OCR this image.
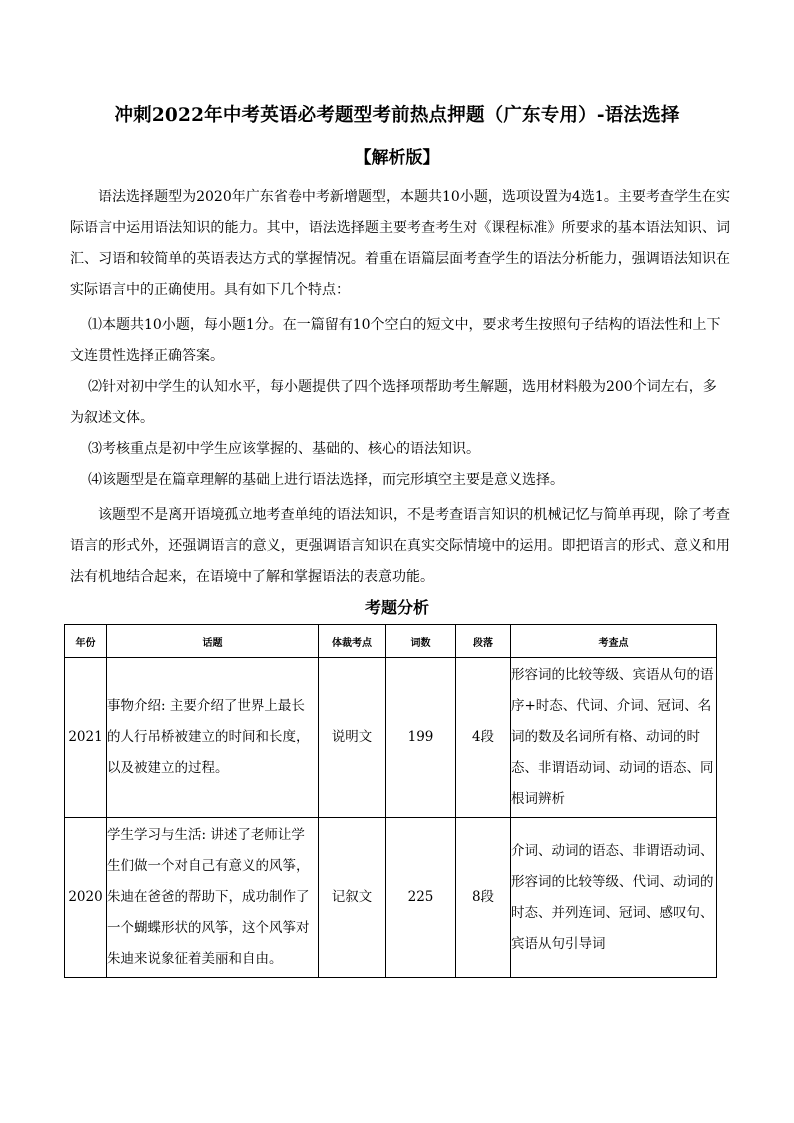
冲刺2022年中考英语必考题型考前热点押题（广东专用）-语法选择
【解析版】
语法选择题型为2020年广东省卷中考新增题型，本题共10小题，选项设置为4选1。主要考查学生在实际语言中运用语法知识的能力。其中，语法选择题主要考查考生对《课程标准》所要求的基本语法知识、词汇、习语和较简单的英语表达方式的掌握情况。着重在语篇层面考查学生的语法分析能力，强调语法知识在实际语言中的正确使用。具有如下几个特点：
⑴本题共10小题，每小题1分。在一篇留有10个空白的短文中，要求考生按照句子结构的语法性和上下文连贯性选择正确答案。
⑵针对初中学生的认知水平，每小题提供了四个选择项帮助考生解题，选用材料般为200个词左右，多为叙述文体。
⑶考核重点是初中学生应该掌握的、基础的、核心的语法知识。
⑷该题型是在篇章理解的基础上进行语法选择，而完形填空主要是意义选择。
该题型不是离开语境孤立地考查单纯的语法知识，不是考查语言知识的机械记忆与简单再现，除了考查语言的形式外，还强调语言的意义，更强调语言知识在真实交际情境中的运用。即把语言的形式、意义和用法有机地结合起来，在语境中了解和掌握语法的表意功能。
考题分析
年份	话题	体裁考点	词数	段落	考查点
2021	事物介绍: 主要介绍了世界上最长的人行吊桥被建立的时间和长度，以及被建立的过程。	说明文	199	4段	形容词的比较等级、宾语从句的语序+时态、代词、介词、冠词、名词的数及名词所有格、动词的时态、非谓语动词、动词的语态、同根词辨析
2020	学生学习与生活: 讲述了老师让学生们做一个对自己有意义的风筝，朱迪在爸爸的帮助下，成功制作了一个蝴蝶形状的风筝，这个风筝对朱迪来说象征着美丽和自由。	记叙文	225	8段	介词、动词的语态、非谓语动词、形容词的比较等级、代词、动词的时态、并列连词、冠词、感叹句、宾语从句引导词
